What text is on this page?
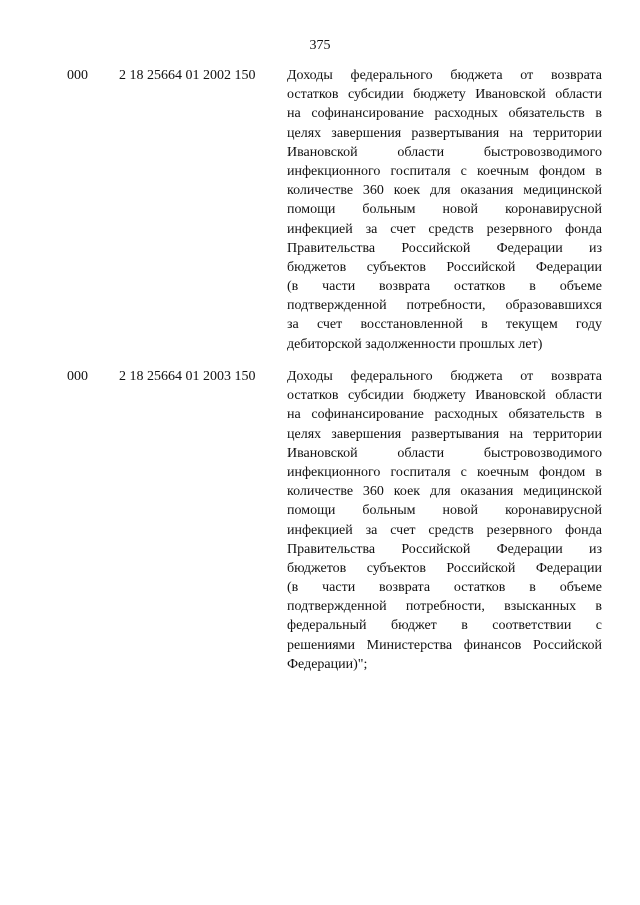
375
000 2 18 25664 01 2002 150 Доходы федерального бюджета от возврата
остатков субсидии бюджету Ивановской области
на софинансирование расходных обязательств в
целях завершения развертывания на территории
Ивановской области быстровозводимого
инфекционного госпиталя с коечным фондом в
количестве 360 коек для оказания медицинской
помощи больным новой коронавирусной
инфекцией за счет средств резервного фонда
Правительства Российской Федерации из
бюджетов субъектов Российской Федерации
(в части возврата остатков в объеме
подтвержденной потребности, образовавшихся
за счет восстановленной в текущем году
дебиторской задолженности прошлых лет)
000 2 18 25664 01 2003 150 Доходы федерального бюджета от возврата
остатков субсидии бюджету Ивановской области
на софинансирование расходных обязательств в
целях завершения развертывания на территории
Ивановской области быстровозводимого
инфекционного госпиталя с коечным фондом в
количестве 360 коек для оказания медицинской
помощи больным новой коронавирусной
инфекцией за счет средств резервного фонда
Правительства Российской Федерации из
бюджетов субъектов Российской Федерации
(в части возврата остатков в объеме
подтвержденной потребности, взысканных в
федеральный бюджет в соответствии с
решениями Министерства финансов Российской
Федерации)";
